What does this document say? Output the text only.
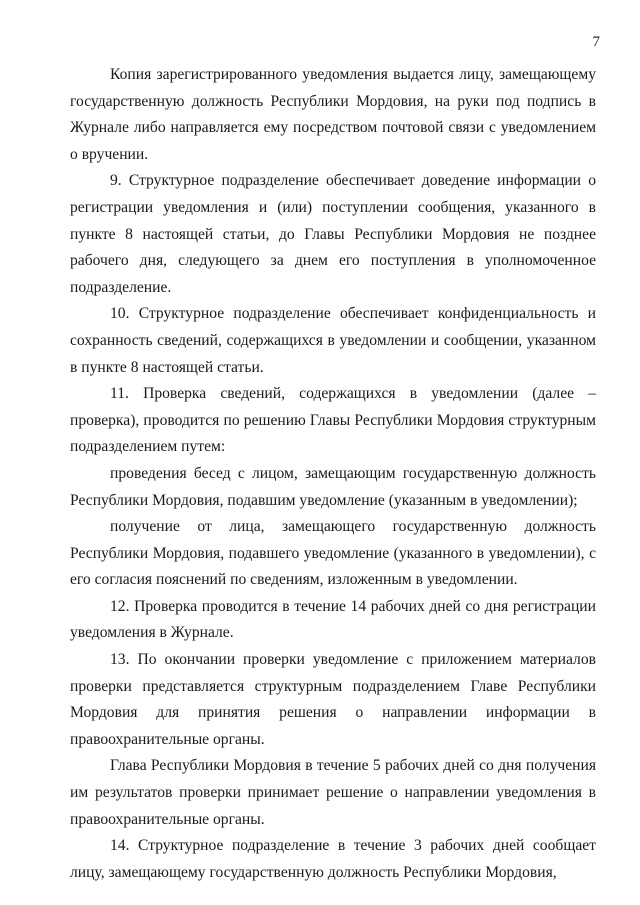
7

Копия зарегистрированного уведомления выдается лицу, замещающему государственную должность Республики Мордовия, на руки под подпись в Журнале либо направляется ему посредством почтовой связи с уведомлением о вручении.

9. Структурное подразделение обеспечивает доведение информации о регистрации уведомления и (или) поступлении сообщения, указанного в пункте 8 настоящей статьи, до Главы Республики Мордовия не позднее рабочего дня, следующего за днем его поступления в уполномоченное подразделение.

10. Структурное подразделение обеспечивает конфиденциальность и сохранность сведений, содержащихся в уведомлении и сообщении, указанном в пункте 8 настоящей статьи.

11. Проверка сведений, содержащихся в уведомлении (далее – проверка), проводится по решению Главы Республики Мордовия структурным подразделением путем:

проведения бесед с лицом, замещающим государственную должность Республики Мордовия, подавшим уведомление (указанным в уведомлении);

получение от лица, замещающего государственную должность Республики Мордовия, подавшего уведомление (указанного в уведомлении), с его согласия пояснений по сведениям, изложенным в уведомлении.

12. Проверка проводится в течение 14 рабочих дней со дня регистрации уведомления в Журнале.

13. По окончании проверки уведомление с приложением материалов проверки представляется структурным подразделением Главе Республики Мордовия для принятия решения о направлении информации в правоохранительные органы.

Глава Республики Мордовия в течение 5 рабочих дней со дня получения им результатов проверки принимает решение о направлении уведомления в правоохранительные органы.

14. Структурное подразделение в течение 3 рабочих дней сообщает лицу, замещающему государственную должность Республики Мордовия,
